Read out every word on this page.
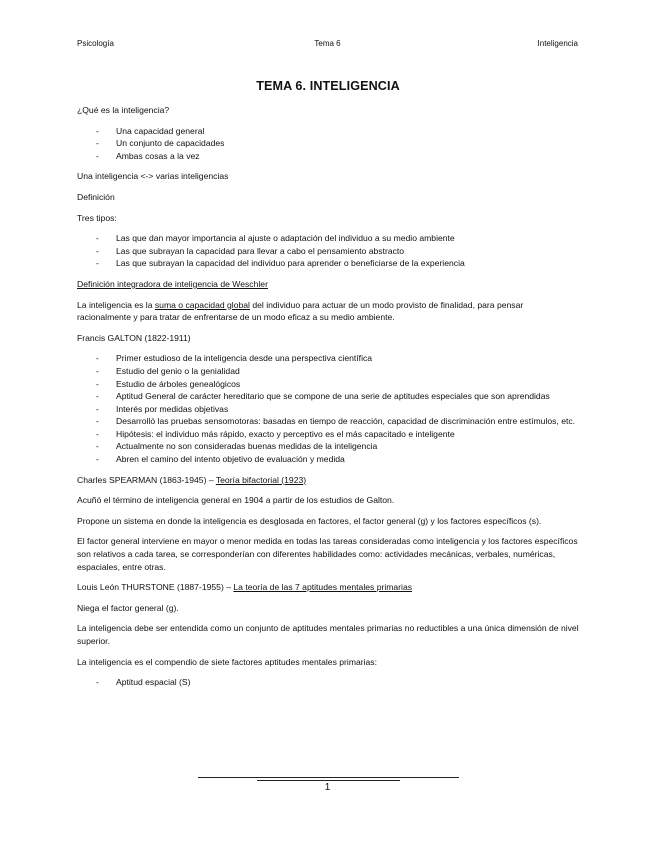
Psicología	Tema 6	Inteligencia
TEMA 6. INTELIGENCIA

¿Qué es la inteligencia?

- Una capacidad general
- Un conjunto de capacidades
- Ambas cosas a la vez

Una inteligencia <-> varias inteligencias

Definición

Tres tipos:

- Las que dan mayor importancia al ajuste o adaptación del individuo a su medio ambiente
- Las que subrayan la capacidad para llevar a cabo el pensamiento abstracto
- Las que subrayan la capacidad del individuo para aprender o beneficiarse de la experiencia

Definición integradora de inteligencia de Weschler

La inteligencia es la suma o capacidad global del individuo para actuar de un modo provisto de finalidad, para pensar racionalmente y para tratar de enfrentarse de un modo eficaz a su medio ambiente.

Francis GALTON (1822-1911)

- Primer estudioso de la inteligencia desde una perspectiva científica
- Estudio del genio o la genialidad
- Estudio de árboles genealógicos
- Aptitud General de carácter hereditario que se compone de una serie de aptitudes especiales que son aprendidas
- Interés por medidas objetivas
- Desarrolló las pruebas sensomotoras: basadas en tiempo de reacción, capacidad de discriminación entre estímulos, etc.
- Hipótesis: el individuo más rápido, exacto y perceptivo es el más capacitado e inteligente
- Actualmente no son consideradas buenas medidas de la inteligencia
- Abren el camino del intento objetivo de evaluación y medida

Charles SPEARMAN (1863-1945) – Teoría bifactorial (1923)

Acuñó el término de inteligencia general en 1904 a partir de los estudios de Galton.

Propone un sistema en donde la inteligencia es desglosada en factores, el factor general (g) y los factores específicos (s).

El factor general interviene en mayor o menor medida en todas las tareas consideradas como inteligencia y los factores específicos son relativos a cada tarea, se corresponderían con diferentes habilidades como: actividades mecánicas, verbales, numéricas, espaciales, entre otras.

Louis León THURSTONE (1887-1955) – La teoría de las 7 aptitudes mentales primarias

Niega el factor general (g).

La inteligencia debe ser entendida como un conjunto de aptitudes mentales primarias no reductibles a una única dimensión de nivel superior.

La inteligencia es el compendio de siete factores aptitudes mentales primarias:

- Aptitud espacial (S)
1
